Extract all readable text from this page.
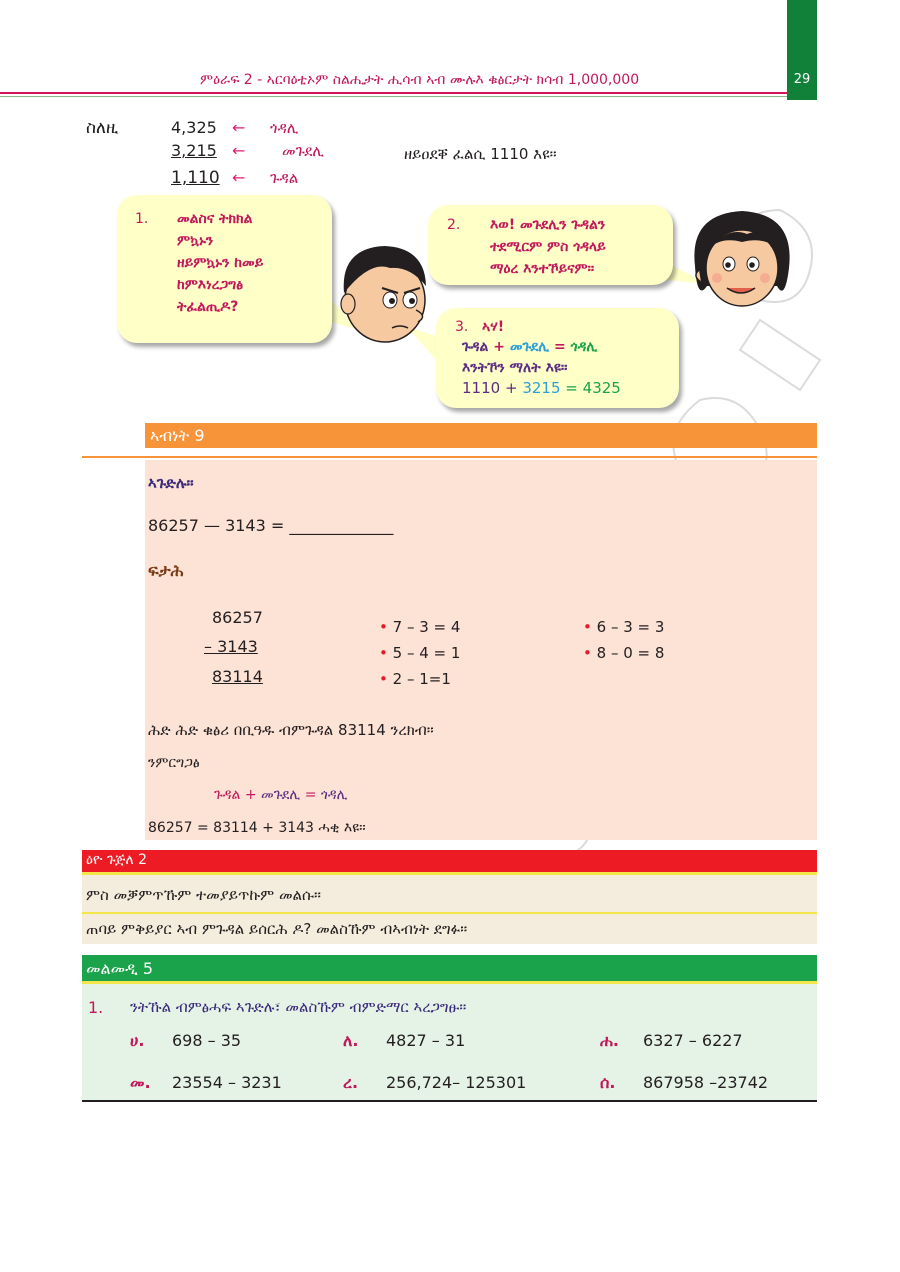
29
ምዕራፍ 2 - ኣርባዕቲኦም ስልሒታት ሒሳብ ኣብ ሙሉእ ቁፅርታት ክሳብ 1,000,000
ስለዚ	4,325 ← ጎዳሊ
3,215 ← መጉደሊ
1,110 ← ጉዳል
ዘይዐደቐ ፈልሲ 1110 እዩ።
1. መልስና ትክክል
ምኳኑን
ዘይምኳኑን ከመይ
ከምእነረጋግፅ
ትፈልጢዶ?
2. እወ! መጉደሊን ጉዳልን
ተደሚርም ምስ ጎዳላይ
ማዕረ እንተኾይናም።
3. ኣሃ!
ጉዳል + መጉደሊ = ጎዳሊ
እንትኾን ማለት እዩ።
1110 + 3215 = 4325
ኣብነት 9
ኣጉድሉ።
86257 — 3143 = _____________
ፍታሕ
86257
– 3143
83114
• 7 – 3 = 4
• 5 – 4 = 1
• 2 – 1=1
• 6 – 3 = 3
• 8 – 0 = 8
ሕድ ሕድ ቁፅሪ በቢዓዱ ብምጉዳል 83114 ንረክብ።
ንምርግጋፅ
ጉዳል + መጉደሊ = ጎዳሊ
86257 = 83114 + 3143 ሓቂ እዩ።
ዕዮ ጉጅለ 2
ምስ መቓምጥኹም ተመያይጥኩም መልሱ።
ጠባይ ምቅይያር ኣብ ምጉዳል ይሰርሕ ዶ? መልስኹም ብኣብነት ደግፉ።
መልመዲ 5
1. ንትኹል ብምፅሓፍ ኣጉድሉ፣ መልስኹም ብምድማር ኣረጋግፁ።
ሀ. 698 – 35	ለ. 4827 – 31	ሐ. 6327 – 6227
መ. 23554 – 3231	ረ. 256,724– 125301	ሰ. 867958 –23742
